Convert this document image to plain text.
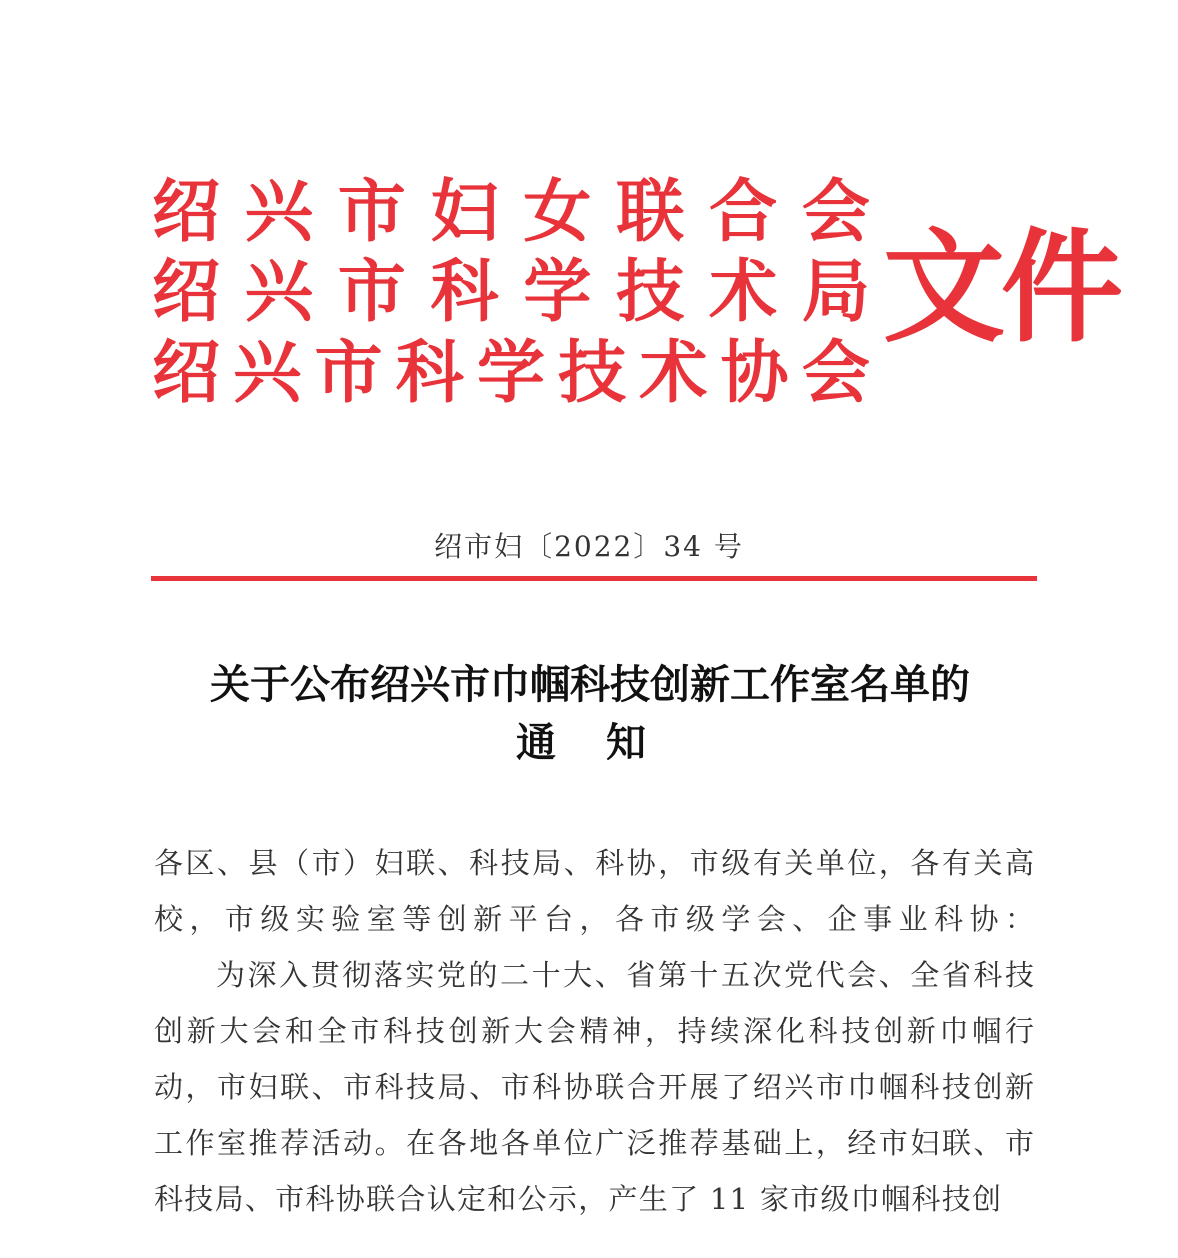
绍 兴 市 妇 女 联 合 会
绍 兴 市 科 学 技 术 局
绍 兴 市 科 学 技 术 协 会
文件
绍市妇〔2022〕34 号
关于公布绍兴市巾帼科技创新工作室名单的
通 知
各区、县（市）妇联、科技局、科协，市级有关单位，各有关高
校，市级实验室等创新平台，各市级学会、企事业科协：
为深入贯彻落实党的二十大、省第十五次党代会、全省科技
创新大会和全市科技创新大会精神，持续深化科技创新巾帼行
动，市妇联、市科技局、市科协联合开展了绍兴市巾帼科技创新
工作室推荐活动。在各地各单位广泛推荐基础上，经市妇联、市
科技局、市科协联合认定和公示，产生了 11 家市级巾帼科技创
